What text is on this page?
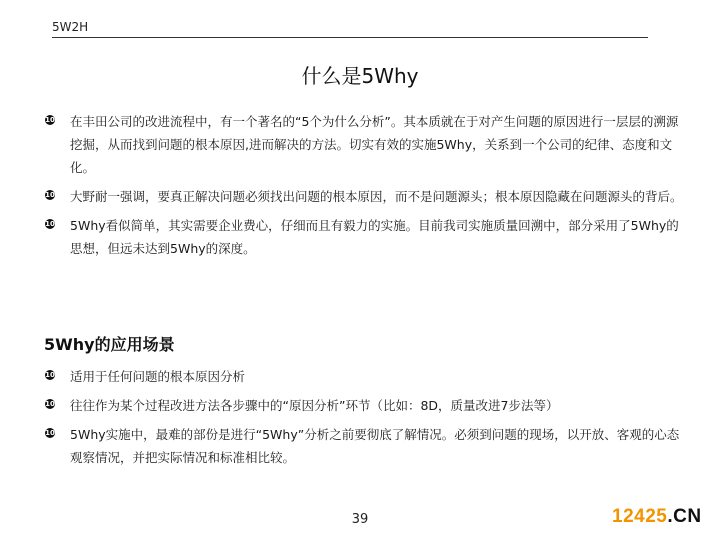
5W2H
什么是5Why
10 在丰田公司的改进流程中，有一个著名的“5个为什么分析”。其本质就在于对产生问题的原因进行一层层的溯源挖掘，从而找到问题的根本原因,进而解决的方法。切实有效的实施5Why，关系到一个公司的纪律、态度和文化。
10 大野耐一强调，要真正解决问题必须找出问题的根本原因，而不是问题源头；根本原因隐藏在问题源头的背后。
10 5Why看似简单，其实需要企业费心，仔细而且有毅力的实施。目前我司实施质量回溯中，部分采用了5Why的思想，但远未达到5Why的深度。
5Why的应用场景
10 适用于任何问题的根本原因分析
10 往往作为某个过程改进方法各步骤中的“原因分析”环节（比如：8D，质量改进7步法等）
10 5Why实施中，最难的部份是进行“5Why”分析之前要彻底了解情况。必须到问题的现场，以开放、客观的心态观察情况，并把实际情况和标准相比较。
39	12425.CN
